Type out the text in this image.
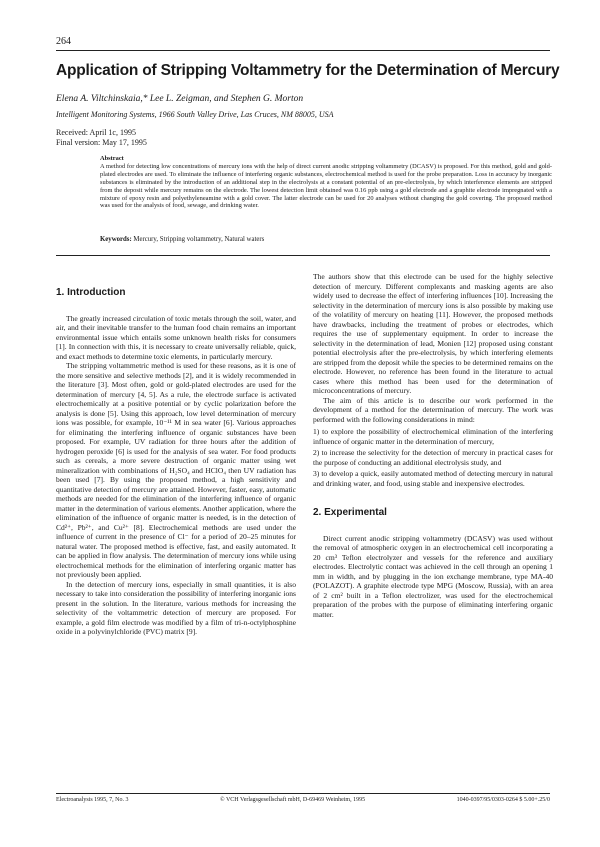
264
Application of Stripping Voltammetry for the Determination of Mercury
Elena A. Viltchinskaia,* Lee L. Zeigman, and Stephen G. Morton
Intelligent Monitoring Systems, 1966 South Valley Drive, Las Cruces, NM 88005, USA
Received: April 1c, 1995
Final version: May 17, 1995
Abstract
A method for detecting low concentrations of mercury ions with the help of direct current anodic stripping voltammetry (DCASV) is proposed. For this method, gold and gold-plated electrodes are used. To eliminate the influence of interfering organic substances, electrochemical method is used for the probe preparation. Loss in accuracy by inorganic substances is eliminated by the introduction of an additional step in the electrolysis at a constant potential of an pre-electrolysis, by which interference elements are stripped from the deposit while mercury remains on the electrode. The lowest detection limit obtained was 0.16 ppb using a gold electrode and a graphite electrode impregnated with a mixture of epoxy resin and polyethyleneamine with a gold cover. The latter electrode can be used for 20 analyses without changing the gold covering. The proposed method was used for the analysis of food, sewage, and drinking water.
Keywords: Mercury, Stripping voltammetry, Natural waters
1. Introduction

The greatly increased circulation of toxic metals through the soil, water, and air, and their inevitable transfer to the human food chain remains an important environmental issue which entails some unknown health risks for consumers [1]. In connection with this, it is necessary to create universally reliable, quick, and exact methods to determine toxic elements, in particularly mercury.

The stripping voltammetric method is used for these reasons, as it is one of the more sensitive and selective methods [2], and it is widely recommended in the literature [3]. Most often, gold or gold-plated electrodes are used for the determination of mercury [4, 5]. As a rule, the electrode surface is activated electrochemically at a positive potential or by cyclic polarization before the analysis is done [5]. Using this approach, low level determination of mercury ions was possible, for example, 10⁻¹¹ M in sea water [6]. Various approaches for eliminating the interfering influence of organic substances have been proposed. For example, UV radiation for three hours after the addition of hydrogen peroxide [6] is used for the analysis of sea water. For food products such as cereals, a more severe destruction of organic matter using wet mineralization with combinations of H₂SO₄ and HClO₄ then UV radiation has been used [7]. By using the proposed method, a high sensitivity and quantitative detection of mercury are attained. However, faster, easy, automatic methods are needed for the elimination of the interfering influence of organic matter in the determination of various elements. Another application, where the elimination of the influence of organic matter is needed, is in the detection of Cd²⁺, Pb²⁺, and Cu²⁺ [8]. Electrochemical methods are used under the influence of current in the presence of Cl⁻ for a period of 20–25 minutes for natural water. The proposed method is effective, fast, and easily automated. It can be applied in flow analysis. The determination of mercury ions while using electrochemical methods for the elimination of interfering organic matter has not previously been applied.

In the detection of mercury ions, especially in small quantities, it is also necessary to take into consideration the possibility of interfering inorganic ions present in the solution. In the literature, various methods for increasing the selectivity of the voltammetric detection of mercury are proposed. For example, a gold film electrode was modified by a film of tri-n-octylphosphine oxide in a polyvinylchloride (PVC) matrix [9].

The authors show that this electrode can be used for the highly selective detection of mercury. Different complexants and masking agents are also widely used to decrease the effect of interfering influences [10]. Increasing the selectivity in the determination of mercury ions is also possible by making use of the volatility of mercury on heating [11]. However, the proposed methods have drawbacks, including the treatment of probes or electrodes, which requires the use of supplementary equipment. In order to increase the selectivity in the determination of lead, Monien [12] proposed using constant potential electrolysis after the pre-electrolysis, by which interfering elements are stripped from the deposit while the species to be determined remains on the electrode. However, no reference has been found in the literature to actual cases where this method has been used for the determination of microconcentrations of mercury.

The aim of this article is to describe our work performed in the development of a method for the determination of mercury. The work was performed with the following considerations in mind:

1) to explore the possibility of electrochemical elimination of the interfering influence of organic matter in the determination of mercury,
2) to increase the selectivity for the detection of mercury in practical cases for the purpose of conducting an additional electrolysis study, and
3) to develop a quick, easily automated method of detecting mercury in natural and drinking water, and food, using stable and inexpensive electrodes.
2. Experimental

Direct current anodic stripping voltammetry (DCASV) was used without the removal of atmospheric oxygen in an electrochemical cell incorporating a 20 cm³ Teflon electrolyzer and vessels for the reference and auxiliary electrodes. Electrolytic contact was achieved in the cell through an opening 1 mm in width, and by plugging in the ion exchange membrane, type MA-40 (POLAZOT). A graphite electrode type MPG (Moscow, Russia), with an area of 2 cm² built in a Teflon electrolizer, was used for the electrochemical preparation of the probes with the purpose of eliminating interfering organic matter.

Electroanalysis 1995, 7, No. 3	© VCH Verlagsgesellschaft mbH, D-69469 Weinheim, 1995	1040-0397/95/0303-0264 $ 5.00+.25/0
